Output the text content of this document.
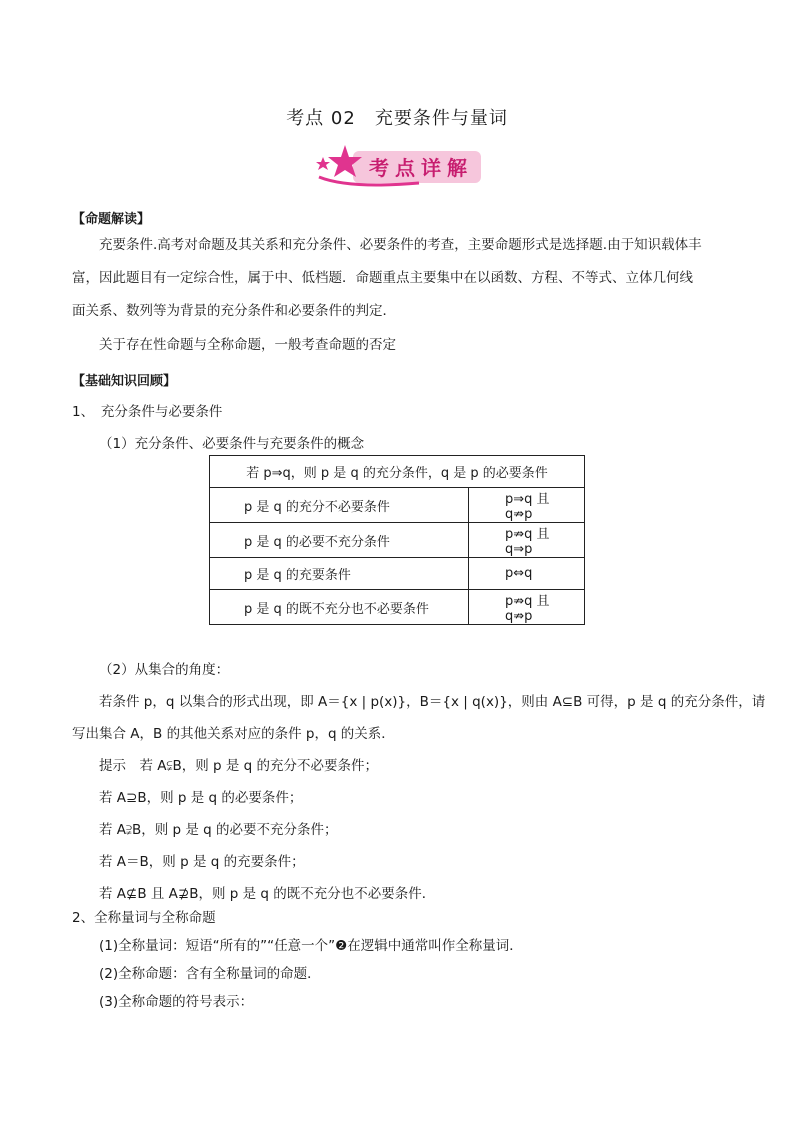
考点 02　充要条件与量词
考点详解
【命题解读】
充要条件.高考对命题及其关系和充分条件、必要条件的考查，主要命题形式是选择题.由于知识载体丰
富，因此题目有一定综合性，属于中、低档题．命题重点主要集中在以函数、方程、不等式、立体几何线
面关系、数列等为背景的充分条件和必要条件的判定．
关于存在性命题与全称命题，一般考查命题的否定
【基础知识回顾】
1、　充分条件与必要条件
（1）充分条件、必要条件与充要条件的概念
若 p⇒q，则 p 是 q 的充分条件，q 是 p 的必要条件	
p 是 q 的充分不必要条件	p⇒q 且 q⇏p
p 是 q 的必要不充分条件	p⇏q 且 q⇒p
p 是 q 的充要条件	p⇔q
p 是 q 的既不充分也不必要条件	p⇏q 且 q⇏p
（2）从集合的角度：
若条件 p，q 以集合的形式出现，即 A＝{x | p(x)}，B＝{x | q(x)}，则由 A⊆B 可得，p 是 q 的充分条件，请
写出集合 A，B 的其他关系对应的条件 p，q 的关系．
提示　若 A⫋B，则 p 是 q 的充分不必要条件；
若 A⊇B，则 p 是 q 的必要条件；
若 A⫌B，则 p 是 q 的必要不充分条件；
若 A＝B，则 p 是 q 的充要条件；
若 A⊈B 且 A⊉B，则 p 是 q 的既不充分也不必要条件．
2、全称量词与全称命题
(1)全称量词：短语“所有的”“任意一个”❷在逻辑中通常叫作全称量词．
(2)全称命题：含有全称量词的命题．
(3)全称命题的符号表示：
